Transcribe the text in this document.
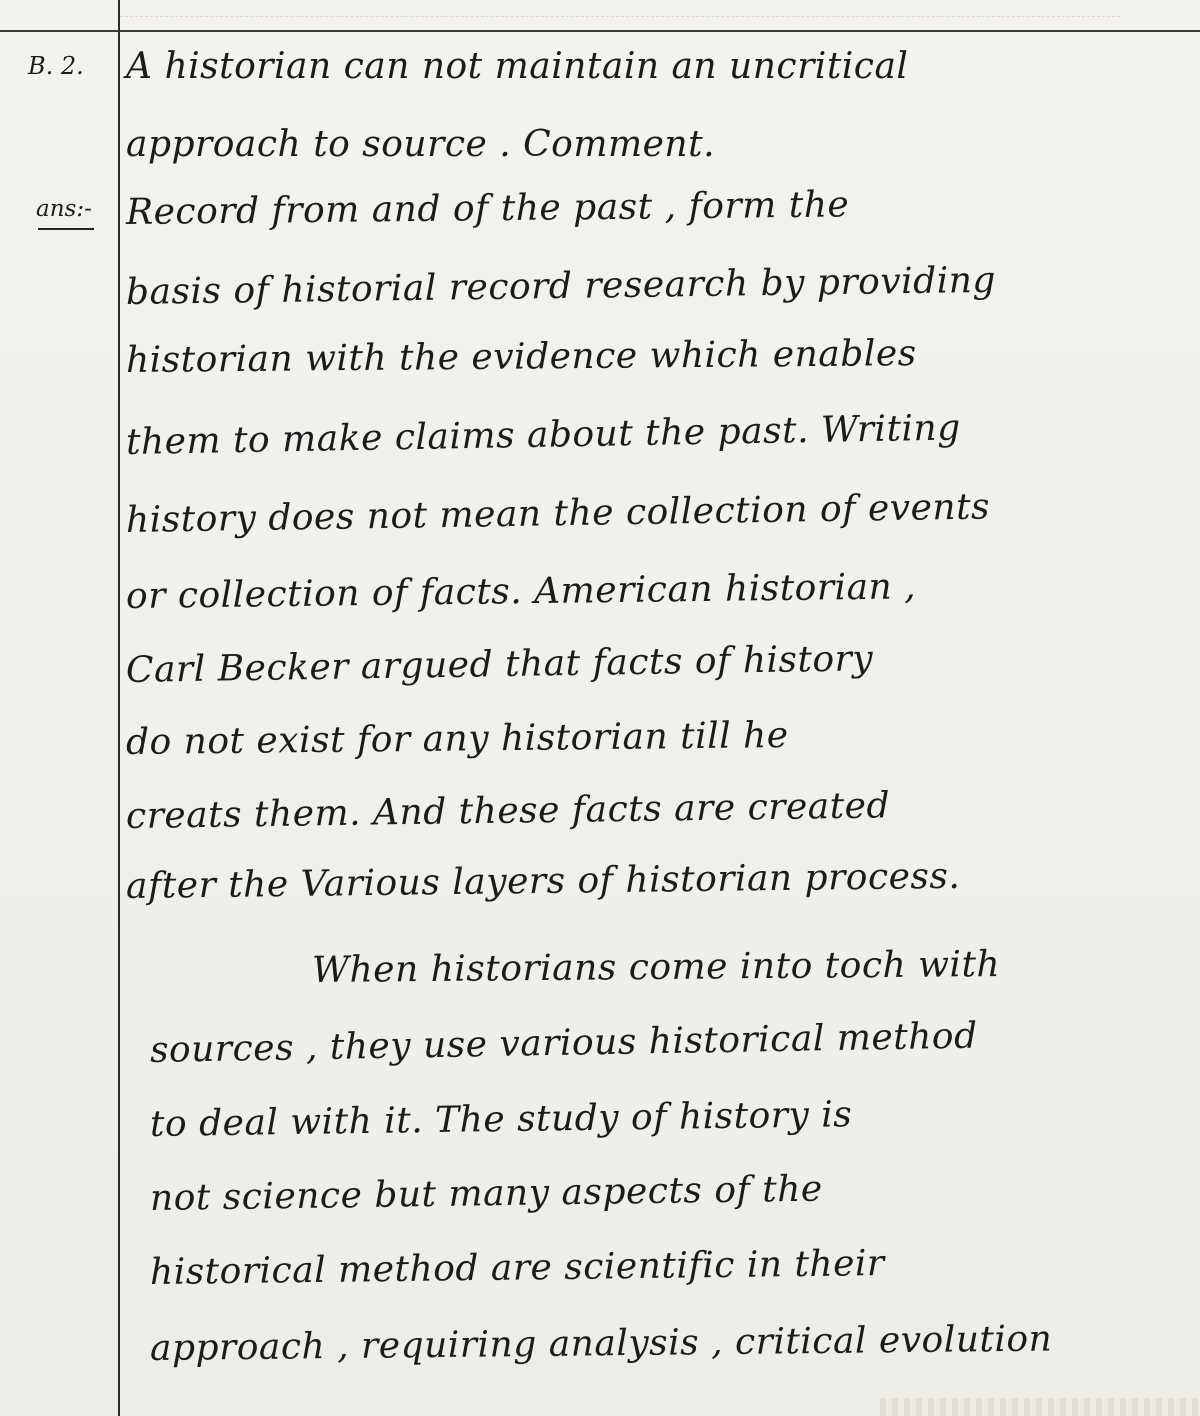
B. 2. A historian can not maintain an uncritical
approach to source . Comment.
ans:- Record from and of the past , form the
basis of historial record research by providing
historian with the evidence which enables
them to make claims about the past. Writing
history does not mean the collection of events
or collection of facts. American historian ,
Carl Becker argued that facts of history
do not exist for any historian till he
creats them. And these facts are created
after the Various layers of historian process.
When historians come into toch with
sources , they use various historical method
to deal with it. The study of history is
not science but many aspects of the
historical method are scientific in their
approach , requiring analysis , critical evolution
